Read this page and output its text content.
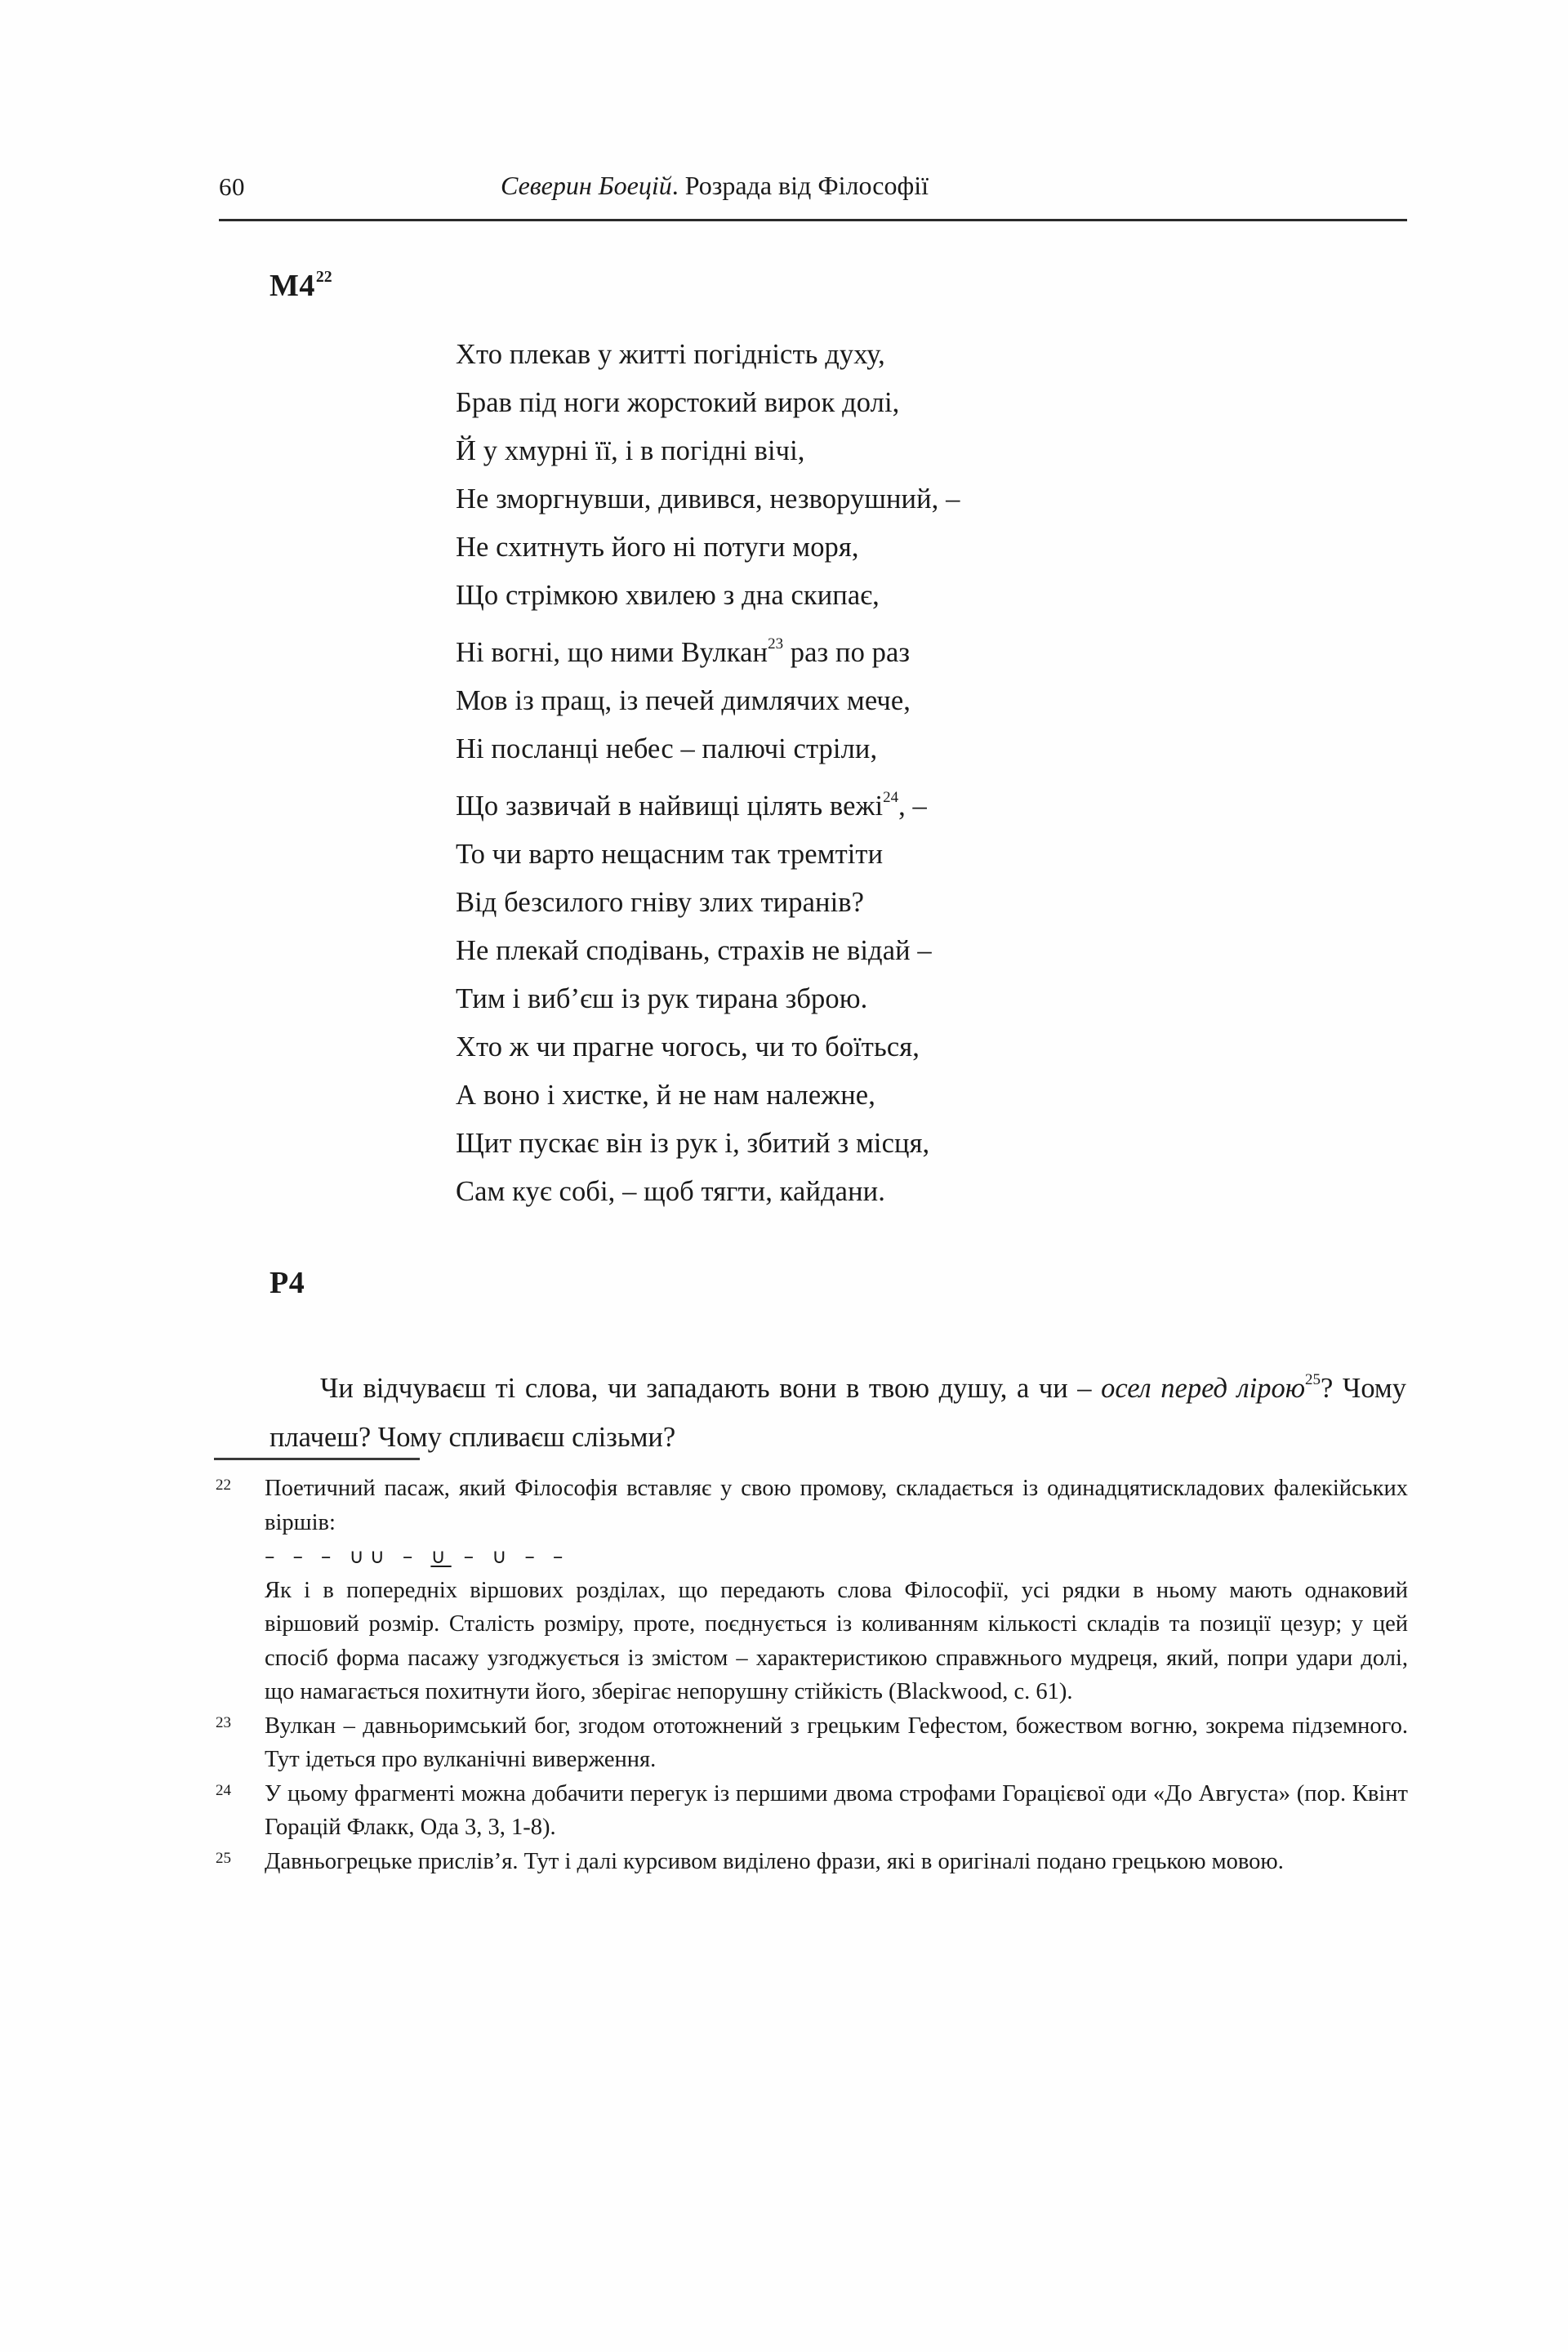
60	Северин Боецій. Розрада від Філософії
$M4^{22}$
Хто плекав у житті погідність духу,
Брав під ноги жорстокий вирок долі,
Й у хмурні її, і в погідні вічі,
Не зморгнувши, дивився, незворушний, –
Не схитнуть його ні потуги моря,
Що стрімкою хвилею з дна скипає,
Ні вогні, що ними Вулкан$^{23}$ раз по раз
Мов із пращ, із печей димлячих мече,
Ні посланці небес – палючі стріли,
Що зазвичай в найвищі цілять вежі$^{24}$, –
То чи варто нещасним так тремтіти
Від безсилого гніву злих тиранів?
Не плекай сподівань, страхів не відай –
Тим і виб’єш із рук тирана зброю.
Хто ж чи прагне чогось, чи то боїться,
А воно і хистке, й не нам належне,
Щит пускає він із рук і, збитий з місця,
Сам кує собі, – щоб тягти, кайдани.
P4

Чи відчуваєш ті слова, чи западають вони в твою душу, а чи – осел перед лірою$^{25}$? Чому плачеш? Чому спливаєш слізьми?

22	Поетичний пасаж, який Філософія вставляє у свою промову, складається із одинадцятискладових фалекійських віршів:
– – – ∪∪ – ∪ – ∪ – –
Як і в попередніх віршових розділах, що передають слова Філософії, усі рядки в ньому мають однаковий віршовий розмір. Сталість розміру, проте, поєднується із коливанням кількості складів та позиції цезур; у цей спосіб форма пасажу узгоджується із змістом – характеристикою справжнього мудреця, який, попри удари долі, що намагається похитнути його, зберігає непорушну стійкість (Blackwood, с. 61).
23	Вулкан – давньоримський бог, згодом ототожнений з грецьким Гефестом, божеством вогню, зокрема підземного. Тут ідеться про вулканічні виверження.
24	У цьому фрагменті можна добачити перегук із першими двома строфами Горацієвої оди «До Августа» (пор. Квінт Горацій Флакк, Ода 3, 3, 1-8).
25	Давньогрецьке прислів’я. Тут і далі курсивом виділено фрази, які в оригіналі подано грецькою мовою.
